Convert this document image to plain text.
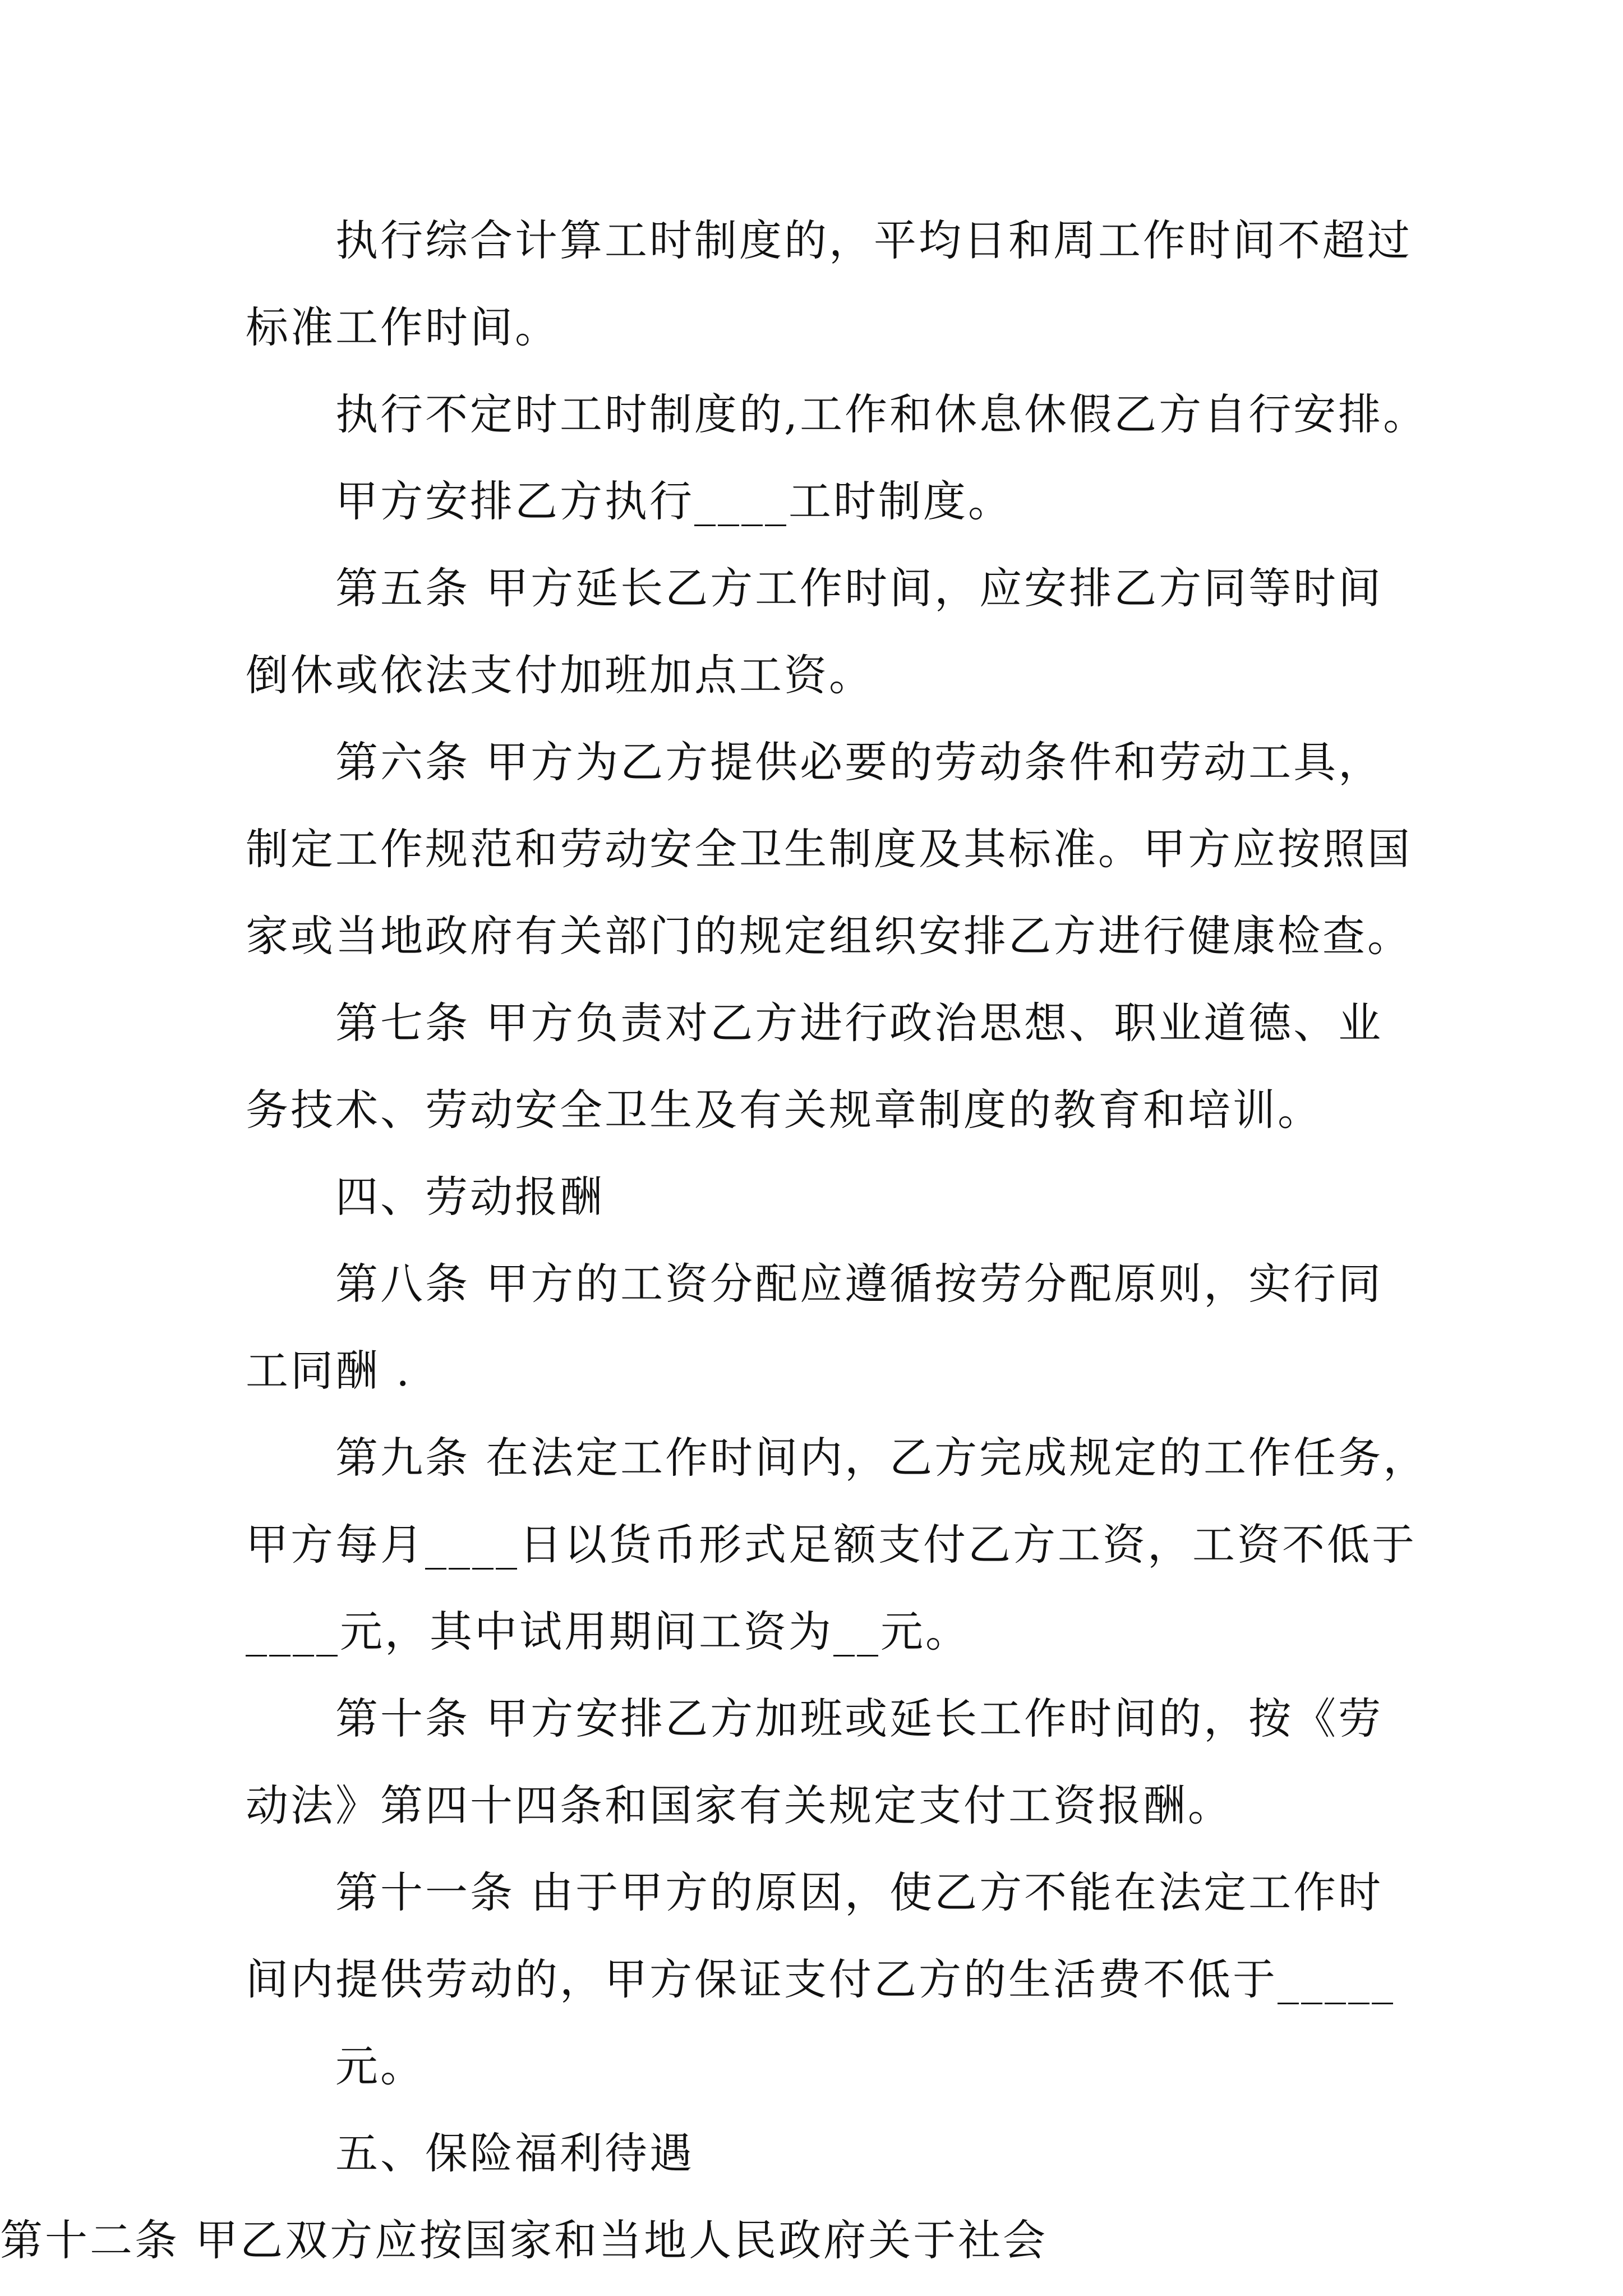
执行综合计算工时制度的，平均日和周工作时间不超过
标准工作时间。
执行不定时工时制度的,工作和休息休假乙方自行安排。
甲方安排乙方执行____工时制度。
第五条 甲方延长乙方工作时间，应安排乙方同等时间
倒休或依法支付加班加点工资。
第六条 甲方为乙方提供必要的劳动条件和劳动工具，
制定工作规范和劳动安全卫生制度及其标准。甲方应按照国
家或当地政府有关部门的规定组织安排乙方进行健康检查。
第七条 甲方负责对乙方进行政治思想、职业道德、业
务技术、劳动安全卫生及有关规章制度的教育和培训。
四、劳动报酬
第八条 甲方的工资分配应遵循按劳分配原则，实行同
工同酬 .
第九条 在法定工作时间内，乙方完成规定的工作任务，
甲方每月____日以货币形式足额支付乙方工资，工资不低于
____元，其中试用期间工资为__元。
第十条 甲方安排乙方加班或延长工作时间的，按《劳
动法》第四十四条和国家有关规定支付工资报酬。
第十一条 由于甲方的原因，使乙方不能在法定工作时
间内提供劳动的，甲方保证支付乙方的生活费不低于_____
元。
五、保险福利待遇
第十二条 甲乙双方应按国家和当地人民政府关于社会
